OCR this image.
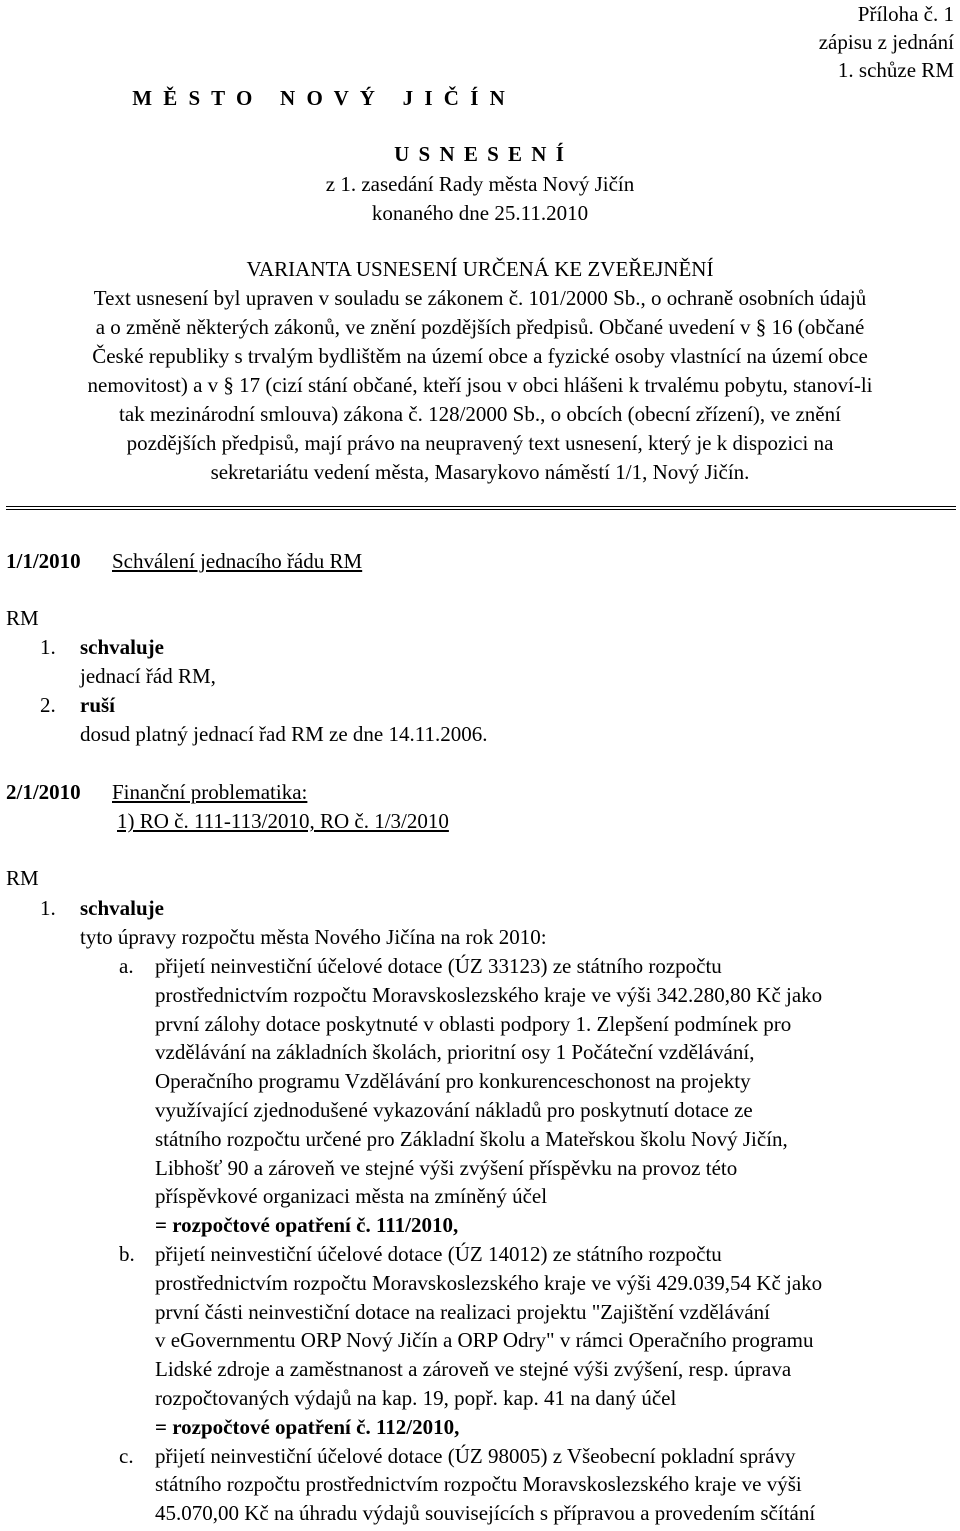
Příloha č. 1
zápisu z jednání
1. schůze RM
M Ě S T O   N O V Ý   J I Č Í N
U S N E S E N Í
z 1. zasedání Rady města Nový Jičín
konaného dne 25.11.2010
VARIANTA USNESENÍ URČENÁ KE ZVEŘEJNĚNÍ
Text usnesení byl upraven v souladu se zákonem č. 101/2000 Sb., o ochraně osobních údajů
a o změně některých zákonů, ve znění pozdějších předpisů. Občané uvedení v § 16 (občané
České republiky s trvalým bydlištěm na území obce a fyzické osoby vlastnící na území obce
nemovitost) a v § 17 (cizí stání občané, kteří jsou v obci hlášeni k trvalému pobytu, stanoví-li
tak mezinárodní smlouva) zákona č. 128/2000 Sb., o obcích (obecní zřízení), ve znění
pozdějších předpisů, mají právo na neupravený text usnesení, který je k dispozici na
sekretariátu vedení města, Masarykovo náměstí 1/1, Nový Jičín.
1/1/2010 Schválení jednacího řádu RM
RM
1. schvaluje
jednací řád RM,
2. ruší
dosud platný jednací řad RM ze dne 14.11.2006.
2/1/2010 Finanční problematika:
1) RO č. 111-113/2010, RO č. 1/3/2010
RM
1. schvaluje
tyto úpravy rozpočtu města Nového Jičína na rok 2010:
a. přijetí neinvestiční účelové dotace (ÚZ 33123) ze státního rozpočtu
prostřednictvím rozpočtu Moravskoslezského kraje ve výši 342.280,80 Kč jako
první zálohy dotace poskytnuté v oblasti podpory 1. Zlepšení podmínek pro
vzdělávání na základních školách, prioritní osy 1 Počáteční vzdělávání,
Operačního programu Vzdělávání pro konkurenceschonost na projekty
využívající zjednodušené vykazování nákladů pro poskytnutí dotace ze
státního rozpočtu určené pro Základní školu a Mateřskou školu Nový Jičín,
Libhošť 90 a zároveň ve stejné výši zvýšení příspěvku na provoz této
příspěvkové organizaci města na zmíněný účel
= rozpočtové opatření č. 111/2010,
b. přijetí neinvestiční účelové dotace (ÚZ 14012) ze státního rozpočtu
prostřednictvím rozpočtu Moravskoslezského kraje ve výši 429.039,54 Kč jako
první části neinvestiční dotace na realizaci projektu "Zajištění vzdělávání
v eGovernmentu ORP Nový Jičín a ORP Odry" v rámci Operačního programu
Lidské zdroje a zaměstnanost a zároveň ve stejné výši zvýšení, resp. úprava
rozpočtovaných výdajů na kap. 19, popř. kap. 41 na daný účel
= rozpočtové opatření č. 112/2010,
c. přijetí neinvestiční účelové dotace (ÚZ 98005) z Všeobecní pokladní správy
státního rozpočtu prostřednictvím rozpočtu Moravskoslezského kraje ve výši
45.070,00 Kč na úhradu výdajů souvisejících s přípravou a provedením sčítání
